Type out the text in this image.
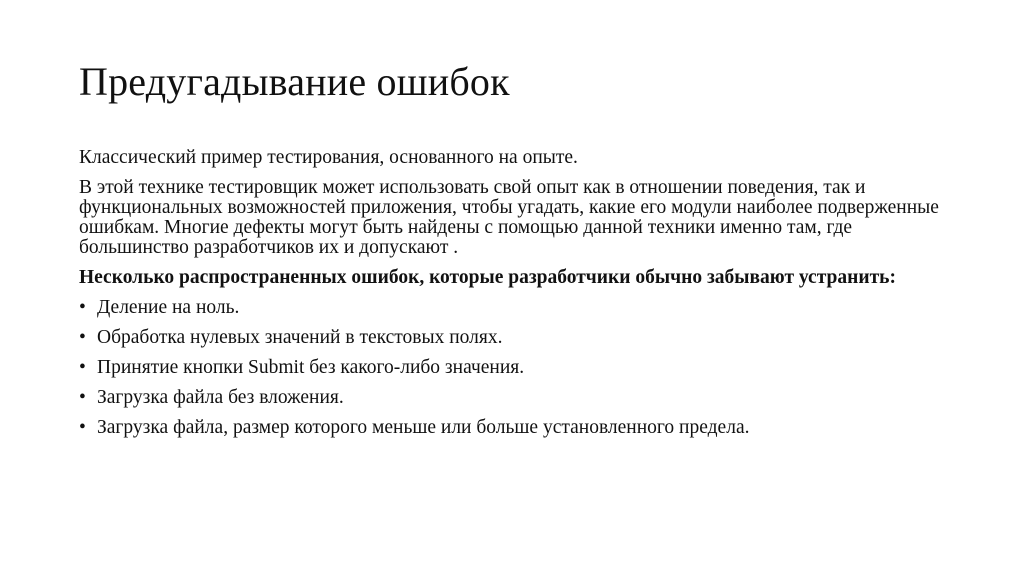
Предугадывание ошибок

Классический пример тестирования, основанного на опыте.

В этой технике тестировщик может использовать свой опыт как в отношении поведения, так и функциональных возможностей приложения, чтобы угадать, какие его модули наиболее подверженные ошибкам. Многие дефекты могут быть найдены с помощью данной техники именно там, где большинство разработчиков их и допускают .

Несколько распространенных ошибок, которые разработчики обычно забывают устранить:

• Деление на ноль.
• Обработка нулевых значений в текстовых полях.
• Принятие кнопки Submit без какого-либо значения.
• Загрузка файла без вложения.
• Загрузка файла, размер которого меньше или больше установленного предела.
